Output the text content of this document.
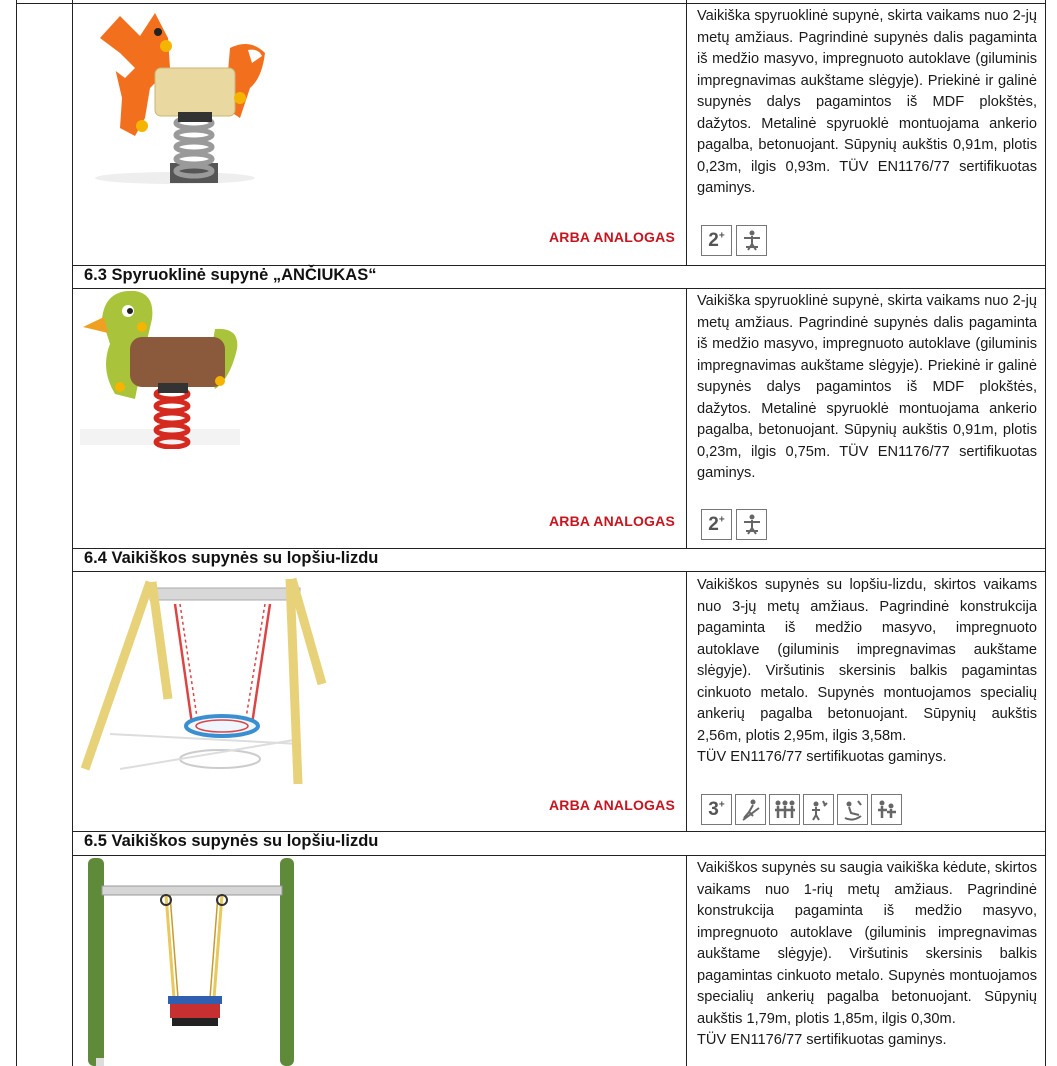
Vaikiška spyruoklinė supynė, skirta vaikams nuo 2-jų metų amžiaus. Pagrindinė supynės dalis pagaminta iš medžio masyvo, impregnuoto autoklave (giluminis impregnavimas aukštame slėgyje). Priekinė ir galinė supynės dalys pagamintos iš MDF plokštės, dažytos. Metalinė spyruoklė montuojama ankerio pagalba, betonuojant. Sūpynių aukštis 0,91m, plotis 0,23m, ilgis 0,93m. TÜV EN1176/77 sertifikuotas gaminys.

ARBA ANALOGAS 2+
6.3 Spyruoklinė supynė „ANČIUKAS“

Vaikiška spyruoklinė supynė, skirta vaikams nuo 2-jų metų amžiaus. Pagrindinė supynės dalis pagaminta iš medžio masyvo, impregnuoto autoklave (giluminis impregnavimas aukštame slėgyje). Priekinė ir galinė supynės dalys pagamintos iš MDF plokštės, dažytos. Metalinė spyruoklė montuojama ankerio pagalba, betonuojant. Sūpynių aukštis 0,91m, plotis 0,23m, ilgis 0,75m. TÜV EN1176/77 sertifikuotas gaminys.

ARBA ANALOGAS 2+
6.4 Vaikiškos supynės su lopšiu-lizdu

Vaikiškos supynės su lopšiu-lizdu, skirtos vaikams nuo 3-jų metų amžiaus. Pagrindinė konstrukcija pagaminta iš medžio masyvo, impregnuoto autoklave (giluminis impregnavimas aukštame slėgyje). Viršutinis skersinis balkis pagamintas cinkuoto metalo. Supynės montuojamos specialių ankerių pagalba betonuojant. Sūpynių aukštis 2,56m, plotis 2,95m, ilgis 3,58m.

TÜV EN1176/77 sertifikuotas gaminys.

ARBA ANALOGAS 3+
6.5 Vaikiškos supynės su lopšiu-lizdu

Vaikiškos supynės su saugia vaikiška kėdute, skirtos vaikams nuo 1-rių metų amžiaus. Pagrindinė konstrukcija pagaminta iš medžio masyvo, impregnuoto autoklave (giluminis impregnavimas aukštame slėgyje). Viršutinis skersinis balkis pagamintas cinkuoto metalo. Supynės montuojamos specialių ankerių pagalba betonuojant. Sūpynių aukštis 1,79m, plotis 1,85m, ilgis 0,30m.

TÜV EN1176/77 sertifikuotas gaminys.
